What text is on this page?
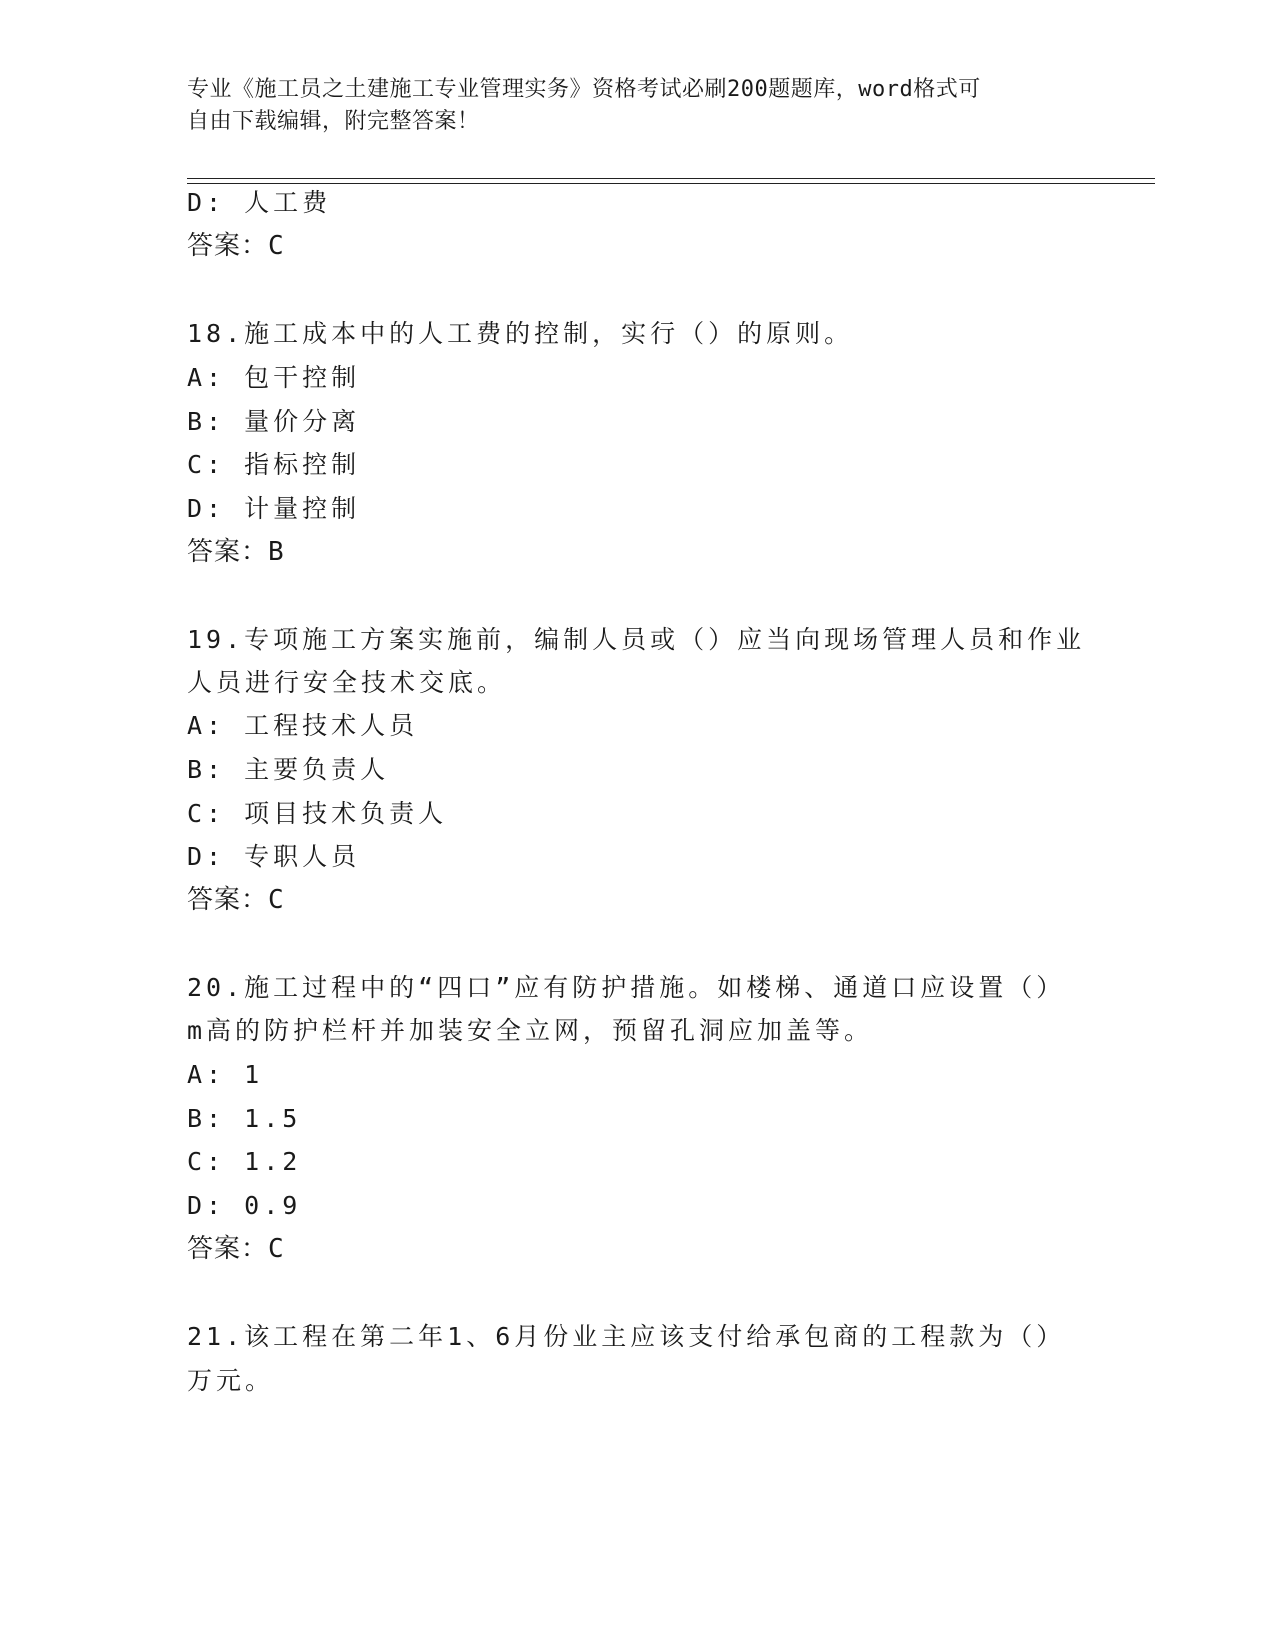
专业《施工员之土建施工专业管理实务》资格考试必刷200题题库，word格式可
自由下载编辑，附完整答案！
D: 人工费
答案：C
18.施工成本中的人工费的控制，实行（）的原则。
A: 包干控制
B: 量价分离
C: 指标控制
D: 计量控制
答案：B
19.专项施工方案实施前，编制人员或（）应当向现场管理人员和作业
人员进行安全技术交底。
A: 工程技术人员
B: 主要负责人
C: 项目技术负责人
D: 专职人员
答案：C
20.施工过程中的“四口”应有防护措施。如楼梯、通道口应设置（）
m高的防护栏杆并加装安全立网，预留孔洞应加盖等。
A: 1
B: 1.5
C: 1.2
D: 0.9
答案：C
21.该工程在第二年1、6月份业主应该支付给承包商的工程款为（）
万元。
